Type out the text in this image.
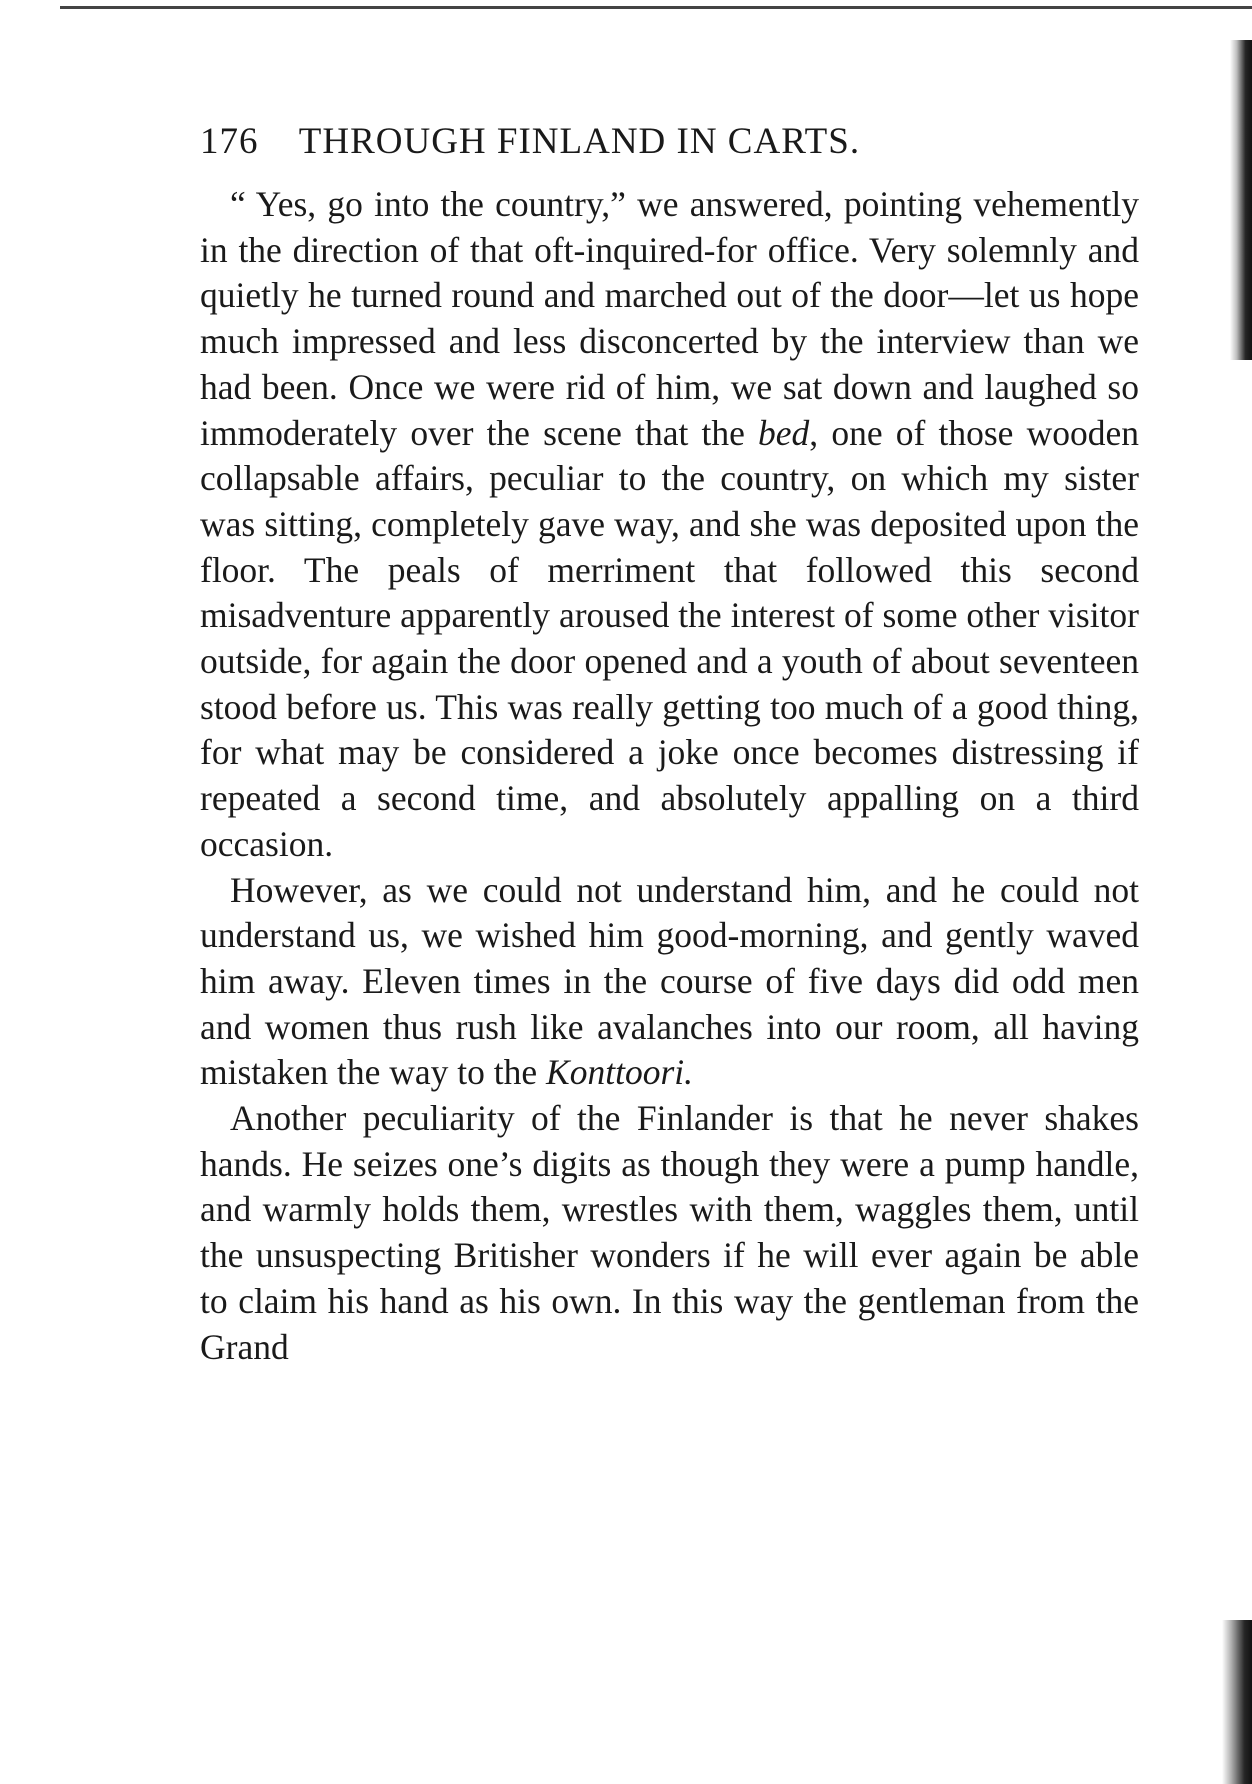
176 THROUGH FINLAND IN CARTS.

“ Yes, go into the country,” we answered, pointing vehemently in the direction of that oft-inquired-for office. Very solemnly and quietly he turned round and marched out of the door—let us hope much impressed and less disconcerted by the interview than we had been. Once we were rid of him, we sat down and laughed so immoderately over the scene that the bed, one of those wooden collapsable affairs, peculiar to the country, on which my sister was sitting, completely gave way, and she was deposited upon the floor. The peals of merriment that followed this second misadventure apparently aroused the interest of some other visitor outside, for again the door opened and a youth of about seventeen stood before us. This was really getting too much of a good thing, for what may be considered a joke once becomes distressing if repeated a second time, and absolutely appalling on a third occasion.

However, as we could not understand him, and he could not understand us, we wished him good-morning, and gently waved him away. Eleven times in the course of five days did odd men and women thus rush like avalanches into our room, all having mistaken the way to the Konttoori.

Another peculiarity of the Finlander is that he never shakes hands. He seizes one’s digits as though they were a pump handle, and warmly holds them, wrestles with them, waggles them, until the unsuspecting Britisher wonders if he will ever again be able to claim his hand as his own. In this way the gentleman from the Grand
